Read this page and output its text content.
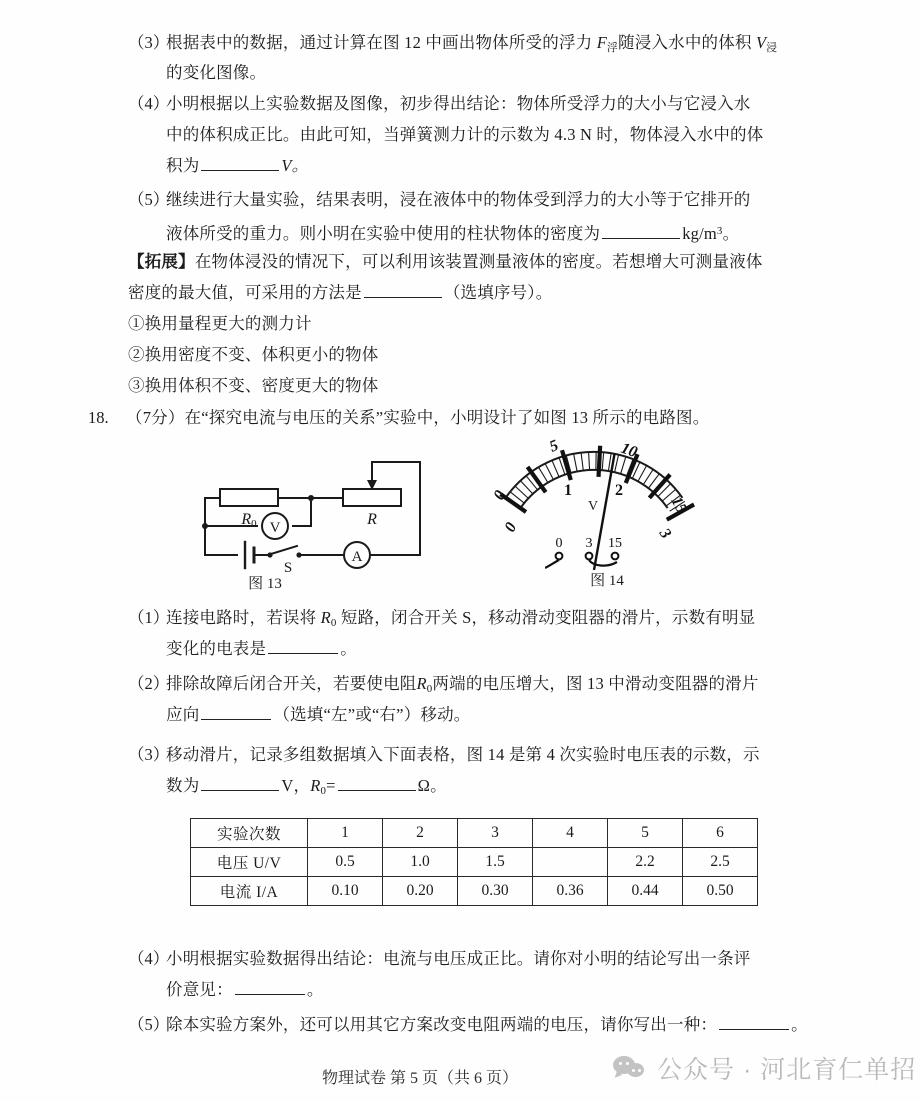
（3）
根据表中的数据，通过计算在图 12 中画出物体所受的浮力 $F_浮$随浸入水中的体积 $V_浸$
的变化图像。
（4）
小明根据以上实验数据及图像，初步得出结论：物体所受浮力的大小与它浸入水
中的体积成正比。由此可知，当弹簧测力计的示数为 4.3 N 时，物体浸入水中的体
积为	V。
（5）
继续进行大量实验，结果表明，浸在液体中的物体受到浮力的大小等于它排开的
液体所受的重力。则小明在实验中使用的柱状物体的密度为	$kg/m^3$。
【拓展】在物体浸没的情况下，可以利用该装置测量液体的密度。若想增大可测量液体
密度的最大值，可采用的方法是	（选填序号）。
①换用量程更大的测力计
②换用密度不变、体积更小的物体
③换用体积不变、密度更大的物体
18. （7分）在“探究电流与电压的关系”实验中，小明设计了如图 13 所示的电路图。
R0	R
V
A
S
图 13
0
5	10
15
0
1	2
3
V
0 3 15
图 14
（1）
连接电路时，若误将 $R_0$ 短路，闭合开关 S，移动滑动变阻器的滑片，示数有明显
变化的电表是	。
（2）
排除故障后闭合开关，若要使电阻$R_0$两端的电压增大，图 13 中滑动变阻器的滑片
应向	（选填“左”或“右”）移动。
（3）
移动滑片，记录多组数据填入下面表格，图 14 是第 4 次实验时电压表的示数，示
数为	V，$R_0=$	Ω。
实验次数	1	2	3	4	5	6
电压 U/V	0.5	1.0	1.5		2.2	2.5
电流 I/A	0.10	0.20	0.30	0.36	0.44	0.50
（4）
小明根据实验数据得出结论：电流与电压成正比。请你对小明的结论写出一条评
价意见：	。
（5）
除本实验方案外，还可以用其它方案改变电阻两端的电压，请你写出一种：	。
物理试卷 第 5 页（共 6 页）	公众号 · 河北育仁单招
